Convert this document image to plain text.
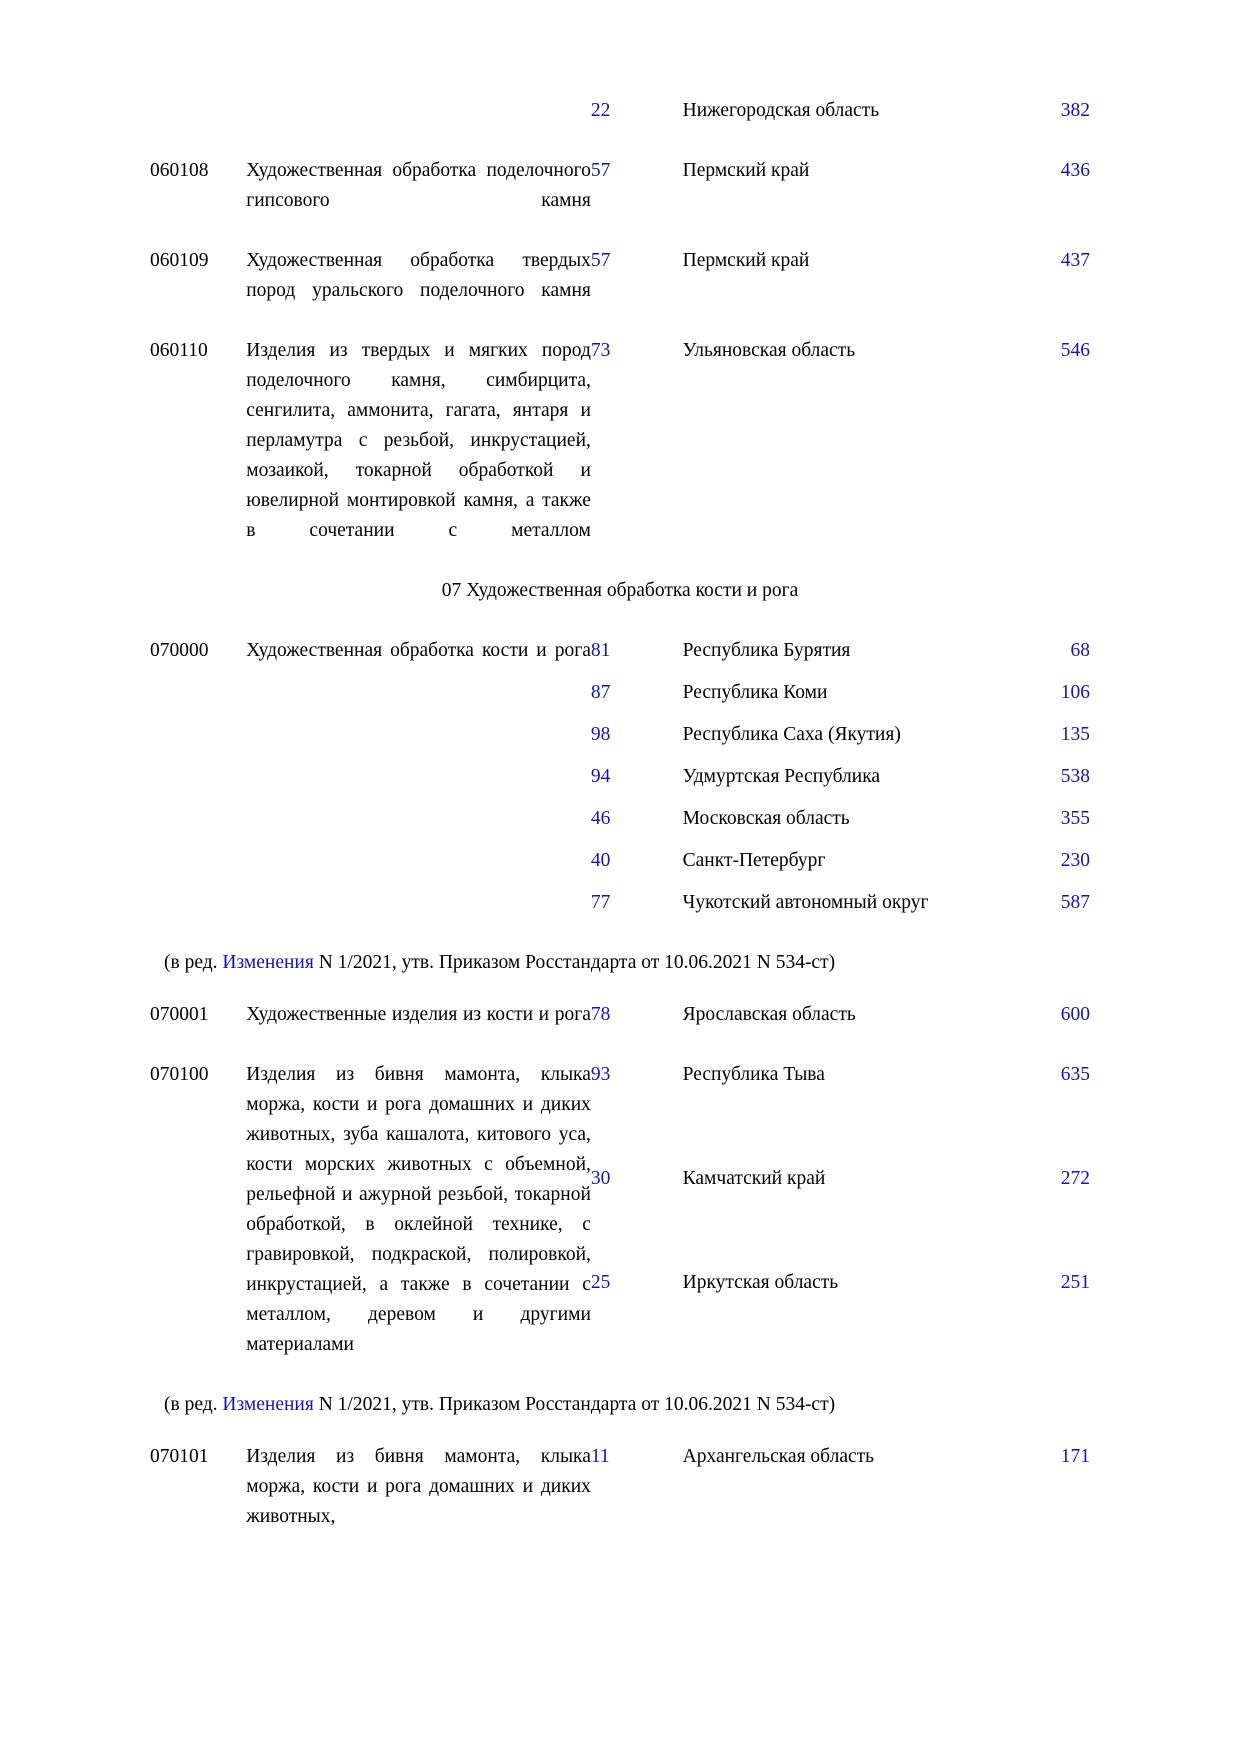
		22	Нижегородская область	382

060108	Художественная обработка поделочного гипсового камня	57	Пермский край	436

060109	Художественная обработка твердых пород уральского поделочного камня	57	Пермский край	437

060110	Изделия из твердых и мягких пород поделочного камня, симбирцита, сенгилита, аммонита, гагата, янтаря и перламутра с резьбой, инкрустацией, мозаикой, токарной обработкой и ювелирной монтировкой камня, а также в сочетании с металлом	73	Ульяновская область	546
07 Художественная обработка кости и рога
070000	Художественная обработка кости и рога	81	Республика Бурятия	68

		87	Республика Коми	106

		98	Республика Саха (Якутия)	135

		94	Удмуртская Республика	538

		46	Московская область	355

		40	Санкт-Петербург	230

		77	Чукотский автономный округ	587
(в ред. Изменения N 1/2021, утв. Приказом Росстандарта от 10.06.2021 N 534-ст)
070001	Художественные изделия из кости и рога	78	Ярославская область	600

070100	Изделия из бивня мамонта, клыка моржа, кости и рога домашних и диких животных, зуба кашалота, китового уса, кости морских животных с объемной, рельефной и ажурной резьбой, токарной обработкой, в оклейной технике, с гравировкой, подкраской, полировкой, инкрустацией, а также в сочетании с металлом, деревом и другими материалами	93	Республика Тыва	635

		30	Камчатский край	272

		25	Иркутская область	251
(в ред. Изменения N 1/2021, утв. Приказом Росстандарта от 10.06.2021 N 534-ст)
070101	Изделия из бивня мамонта, клыка моржа, кости и рога домашних и диких животных,	11	Архангельская область	171
